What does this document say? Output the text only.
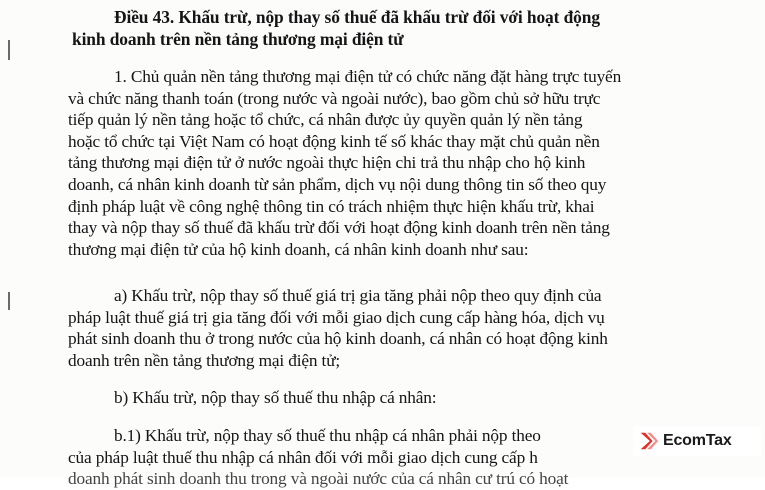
Điều 43. Khấu trừ, nộp thay số thuế đã khấu trừ đối với hoạt động
kinh doanh trên nền tảng thương mại điện tử

1. Chủ quản nền tảng thương mại điện tử có chức năng đặt hàng trực tuyến
và chức năng thanh toán (trong nước và ngoài nước), bao gồm chủ sở hữu trực
tiếp quản lý nền tảng hoặc tổ chức, cá nhân được ủy quyền quản lý nền tảng
hoặc tổ chức tại Việt Nam có hoạt động kinh tế số khác thay mặt chủ quản nền
tảng thương mại điện tử ở nước ngoài thực hiện chi trả thu nhập cho hộ kinh
doanh, cá nhân kinh doanh từ sản phẩm, dịch vụ nội dung thông tin số theo quy
định pháp luật về công nghệ thông tin có trách nhiệm thực hiện khấu trừ, khai
thay và nộp thay số thuế đã khấu trừ đối với hoạt động kinh doanh trên nền tảng
thương mại điện tử của hộ kinh doanh, cá nhân kinh doanh như sau:

a) Khấu trừ, nộp thay số thuế giá trị gia tăng phải nộp theo quy định của
pháp luật thuế giá trị gia tăng đối với mỗi giao dịch cung cấp hàng hóa, dịch vụ
phát sinh doanh thu ở trong nước của hộ kinh doanh, cá nhân có hoạt động kinh
doanh trên nền tảng thương mại điện tử;

b) Khấu trừ, nộp thay số thuế thu nhập cá nhân:

b.1) Khấu trừ, nộp thay số thuế thu nhập cá nhân phải nộp theo
của pháp luật thuế thu nhập cá nhân đối với mỗi giao dịch cung cấp h

doanh phát sinh doanh thu trong và ngoài nước của cá nhân cư trú có hoạt

EcomTax
